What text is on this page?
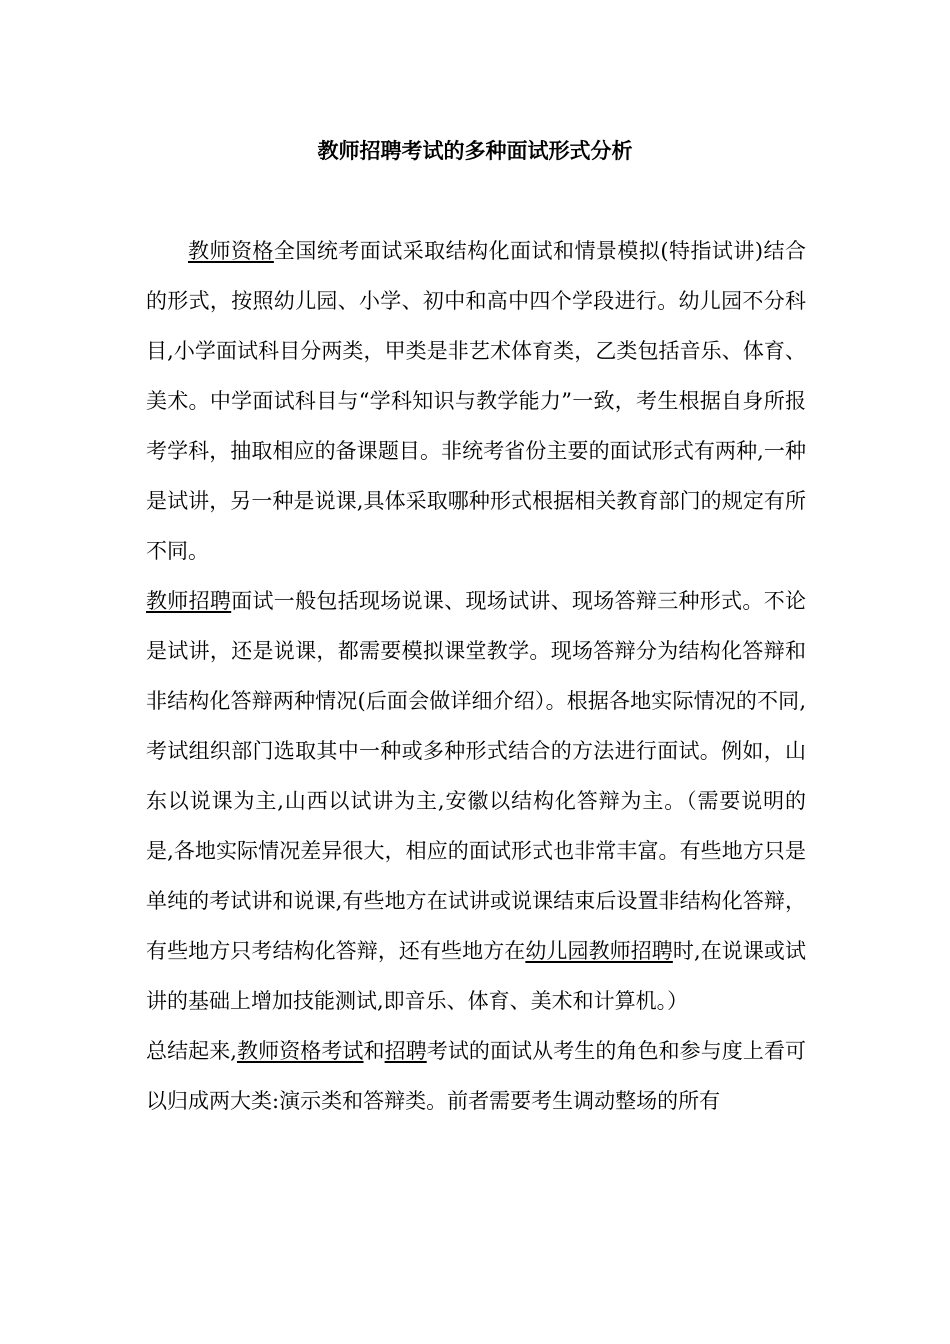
教师招聘考试的多种面试形式分析

教师资格全国统考面试采取结构化面试和情景模拟(特指试讲)结合的形式，按照幼儿园、小学、初中和高中四个学段进行。幼儿园不分科目,小学面试科目分两类，甲类是非艺术体育类，乙类包括音乐、体育、美术。中学面试科目与“学科知识与教学能力”一致，考生根据自身所报考学科，抽取相应的备课题目。非统考省份主要的面试形式有两种,一种是试讲，另一种是说课,具体采取哪种形式根据相关教育部门的规定有所不同。

教师招聘面试一般包括现场说课、现场试讲、现场答辩三种形式。不论是试讲，还是说课，都需要模拟课堂教学。现场答辩分为结构化答辩和非结构化答辩两种情况(后面会做详细介绍）。根据各地实际情况的不同,考试组织部门选取其中一种或多种形式结合的方法进行面试。例如，山东以说课为主,山西以试讲为主,安徽以结构化答辩为主。（需要说明的是,各地实际情况差异很大，相应的面试形式也非常丰富。有些地方只是单纯的考试讲和说课,有些地方在试讲或说课结束后设置非结构化答辩，有些地方只考结构化答辩，还有些地方在幼儿园教师招聘时,在说课或试讲的基础上增加技能测试,即音乐、体育、美术和计算机。）

总结起来,教师资格考试和招聘考试的面试从考生的角色和参与度上看可以归成两大类:演示类和答辩类。前者需要考生调动整场的所有
